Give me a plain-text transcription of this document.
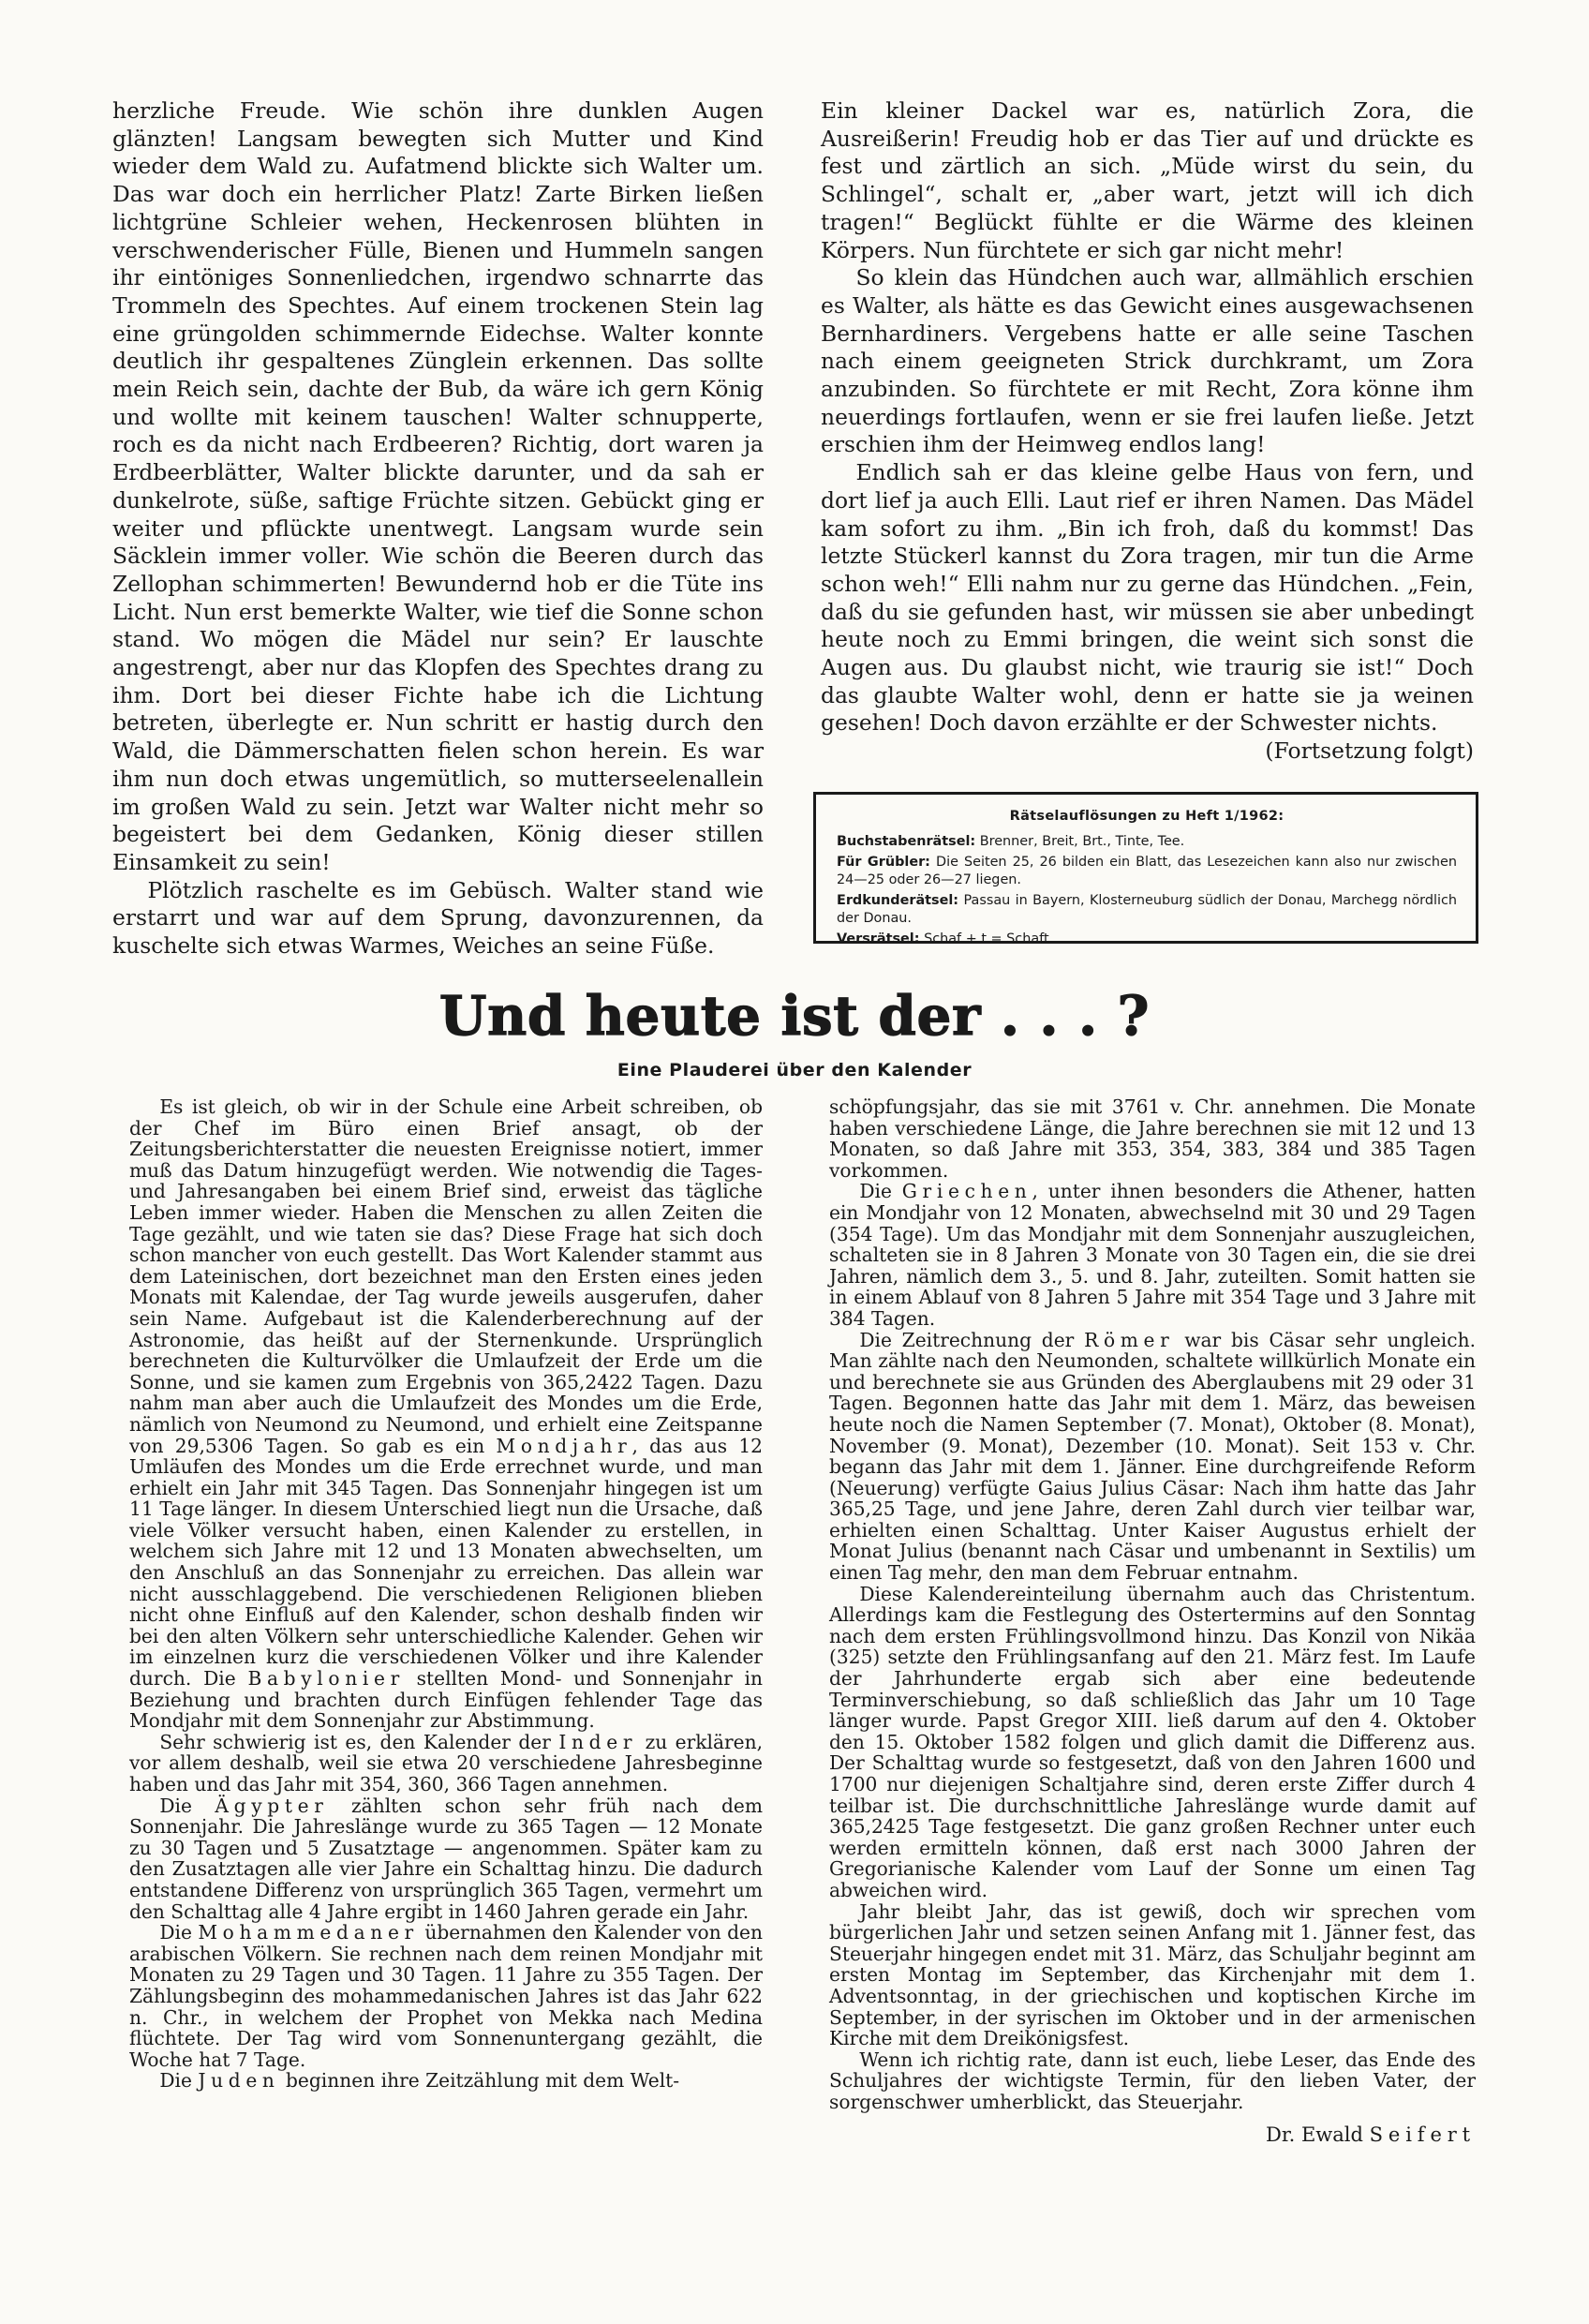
herzliche Freude. Wie schön ihre dunklen Augen glänzten! Langsam bewegten sich Mutter und Kind wieder dem Wald zu. Aufatmend blickte sich Walter um. Das war doch ein herrlicher Platz! Zarte Birken ließen lichtgrüne Schleier wehen, Heckenrosen blühten in verschwenderischer Fülle, Bienen und Hummeln sangen ihr eintöniges Sonnenliedchen, irgendwo schnarrte das Trommeln des Spechtes. Auf einem trockenen Stein lag eine grüngolden schimmernde Eidechse. Walter konnte deutlich ihr gespaltenes Zünglein erkennen. Das sollte mein Reich sein, dachte der Bub, da wäre ich gern König und wollte mit keinem tauschen! Walter schnupperte, roch es da nicht nach Erdbeeren? Richtig, dort waren ja Erdbeerblätter, Walter blickte darunter, und da sah er dunkelrote, süße, saftige Früchte sitzen. Gebückt ging er weiter und pflückte unentwegt. Langsam wurde sein Säcklein immer voller. Wie schön die Beeren durch das Zellophan schimmerten! Bewundernd hob er die Tüte ins Licht. Nun erst bemerkte Walter, wie tief die Sonne schon stand. Wo mögen die Mädel nur sein? Er lauschte angestrengt, aber nur das Klopfen des Spechtes drang zu ihm. Dort bei dieser Fichte habe ich die Lichtung betreten, überlegte er. Nun schritt er hastig durch den Wald, die Dämmerschatten fielen schon herein. Es war ihm nun doch etwas ungemütlich, so mutterseelenallein im großen Wald zu sein. Jetzt war Walter nicht mehr so begeistert bei dem Gedanken, König dieser stillen Einsamkeit zu sein!

Plötzlich raschelte es im Gebüsch. Walter stand wie erstarrt und war auf dem Sprung, davonzurennen, da kuschelte sich etwas Warmes, Weiches an seine Füße.

Ein kleiner Dackel war es, natürlich Zora, die Ausreißerin! Freudig hob er das Tier auf und drückte es fest und zärtlich an sich. „Müde wirst du sein, du Schlingel“, schalt er, „aber wart, jetzt will ich dich tragen!“ Beglückt fühlte er die Wärme des kleinen Körpers. Nun fürchtete er sich gar nicht mehr!

So klein das Hündchen auch war, allmählich erschien es Walter, als hätte es das Gewicht eines ausgewachsenen Bernhardiners. Vergebens hatte er alle seine Taschen nach einem geeigneten Strick durchkramt, um Zora anzubinden. So fürchtete er mit Recht, Zora könne ihm neuerdings fortlaufen, wenn er sie frei laufen ließe. Jetzt erschien ihm der Heimweg endlos lang!

Endlich sah er das kleine gelbe Haus von fern, und dort lief ja auch Elli. Laut rief er ihren Namen. Das Mädel kam sofort zu ihm. „Bin ich froh, daß du kommst! Das letzte Stückerl kannst du Zora tragen, mir tun die Arme schon weh!“ Elli nahm nur zu gerne das Hündchen. „Fein, daß du sie gefunden hast, wir müssen sie aber unbedingt heute noch zu Emmi bringen, die weint sich sonst die Augen aus. Du glaubst nicht, wie traurig sie ist!“ Doch das glaubte Walter wohl, denn er hatte sie ja weinen gesehen! Doch davon erzählte er der Schwester nichts.

(Fortsetzung folgt)
Rätselauflösungen zu Heft 1/1962:
Buchstabenrätsel: Brenner, Breit, Brt., Tinte, Tee.
Für Grübler: Die Seiten 25, 26 bilden ein Blatt, das Lesezeichen kann also nur zwischen 24—25 oder 26—27 liegen.
Erdkunderätsel: Passau in Bayern, Klosterneuburg südlich der Donau, Marchegg nördlich der Donau.
Versrätsel: Schaf + t = Schaft.
Und heute ist der . . . ?
Eine Plauderei über den Kalender

Es ist gleich, ob wir in der Schule eine Arbeit schreiben, ob der Chef im Büro einen Brief ansagt, ob der Zeitungsberichterstatter die neuesten Ereignisse notiert, immer muß das Datum hinzugefügt werden. Wie notwendig die Tages- und Jahresangaben bei einem Brief sind, erweist das tägliche Leben immer wieder. Haben die Menschen zu allen Zeiten die Tage gezählt, und wie taten sie das? Diese Frage hat sich doch schon mancher von euch gestellt. Das Wort Kalender stammt aus dem Lateinischen, dort bezeichnet man den Ersten eines jeden Monats mit Kalendae, der Tag wurde jeweils ausgerufen, daher sein Name. Aufgebaut ist die Kalenderberechnung auf der Astronomie, das heißt auf der Sternenkunde. Ursprünglich berechneten die Kulturvölker die Umlaufzeit der Erde um die Sonne, und sie kamen zum Ergebnis von 365,2422 Tagen. Dazu nahm man aber auch die Umlaufzeit des Mondes um die Erde, nämlich von Neumond zu Neumond, und erhielt eine Zeitspanne von 29,5306 Tagen. So gab es ein Mondjahr, das aus 12 Umläufen des Mondes um die Erde errechnet wurde, und man erhielt ein Jahr mit 345 Tagen. Das Sonnenjahr hingegen ist um 11 Tage länger. In diesem Unterschied liegt nun die Ursache, daß viele Völker versucht haben, einen Kalender zu erstellen, in welchem sich Jahre mit 12 und 13 Monaten abwechselten, um den Anschluß an das Sonnenjahr zu erreichen. Das allein war nicht ausschlaggebend. Die verschiedenen Religionen blieben nicht ohne Einfluß auf den Kalender, schon deshalb finden wir bei den alten Völkern sehr unterschiedliche Kalender. Gehen wir im einzelnen kurz die verschiedenen Völker und ihre Kalender durch. Die Babylonier stellten Mond- und Sonnenjahr in Beziehung und brachten durch Einfügen fehlender Tage das Mondjahr mit dem Sonnenjahr zur Abstimmung.

Sehr schwierig ist es, den Kalender der Inder zu erklären, vor allem deshalb, weil sie etwa 20 verschiedene Jahresbeginne haben und das Jahr mit 354, 360, 366 Tagen annehmen.

Die Ägypter zählten schon sehr früh nach dem Sonnenjahr. Die Jahreslänge wurde zu 365 Tagen — 12 Monate zu 30 Tagen und 5 Zusatztage — angenommen. Später kam zu den Zusatztagen alle vier Jahre ein Schalttag hinzu. Die dadurch entstandene Differenz von ursprünglich 365 Tagen, vermehrt um den Schalttag alle 4 Jahre ergibt in 1460 Jahren gerade ein Jahr.

Die Mohammedaner übernahmen den Kalender von den arabischen Völkern. Sie rechnen nach dem reinen Mondjahr mit Monaten zu 29 Tagen und 30 Tagen. 11 Jahre zu 355 Tagen. Der Zählungsbeginn des mohammedanischen Jahres ist das Jahr 622 n. Chr., in welchem der Prophet von Mekka nach Medina flüchtete. Der Tag wird vom Sonnenuntergang gezählt, die Woche hat 7 Tage.

Die Juden beginnen ihre Zeitzählung mit dem Welt-

schöpfungsjahr, das sie mit 3761 v. Chr. annehmen. Die Monate haben verschiedene Länge, die Jahre berechnen sie mit 12 und 13 Monaten, so daß Jahre mit 353, 354, 383, 384 und 385 Tagen vorkommen.

Die Griechen, unter ihnen besonders die Athener, hatten ein Mondjahr von 12 Monaten, abwechselnd mit 30 und 29 Tagen (354 Tage). Um das Mondjahr mit dem Sonnenjahr auszugleichen, schalteten sie in 8 Jahren 3 Monate von 30 Tagen ein, die sie drei Jahren, nämlich dem 3., 5. und 8. Jahr, zuteilten. Somit hatten sie in einem Ablauf von 8 Jahren 5 Jahre mit 354 Tage und 3 Jahre mit 384 Tagen.

Die Zeitrechnung der Römer war bis Cäsar sehr ungleich. Man zählte nach den Neumonden, schaltete willkürlich Monate ein und berechnete sie aus Gründen des Aberglaubens mit 29 oder 31 Tagen. Begonnen hatte das Jahr mit dem 1. März, das beweisen heute noch die Namen September (7. Monat), Oktober (8. Monat), November (9. Monat), Dezember (10. Monat). Seit 153 v. Chr. begann das Jahr mit dem 1. Jänner. Eine durchgreifende Reform (Neuerung) verfügte Gaius Julius Cäsar: Nach ihm hatte das Jahr 365,25 Tage, und jene Jahre, deren Zahl durch vier teilbar war, erhielten einen Schalttag. Unter Kaiser Augustus erhielt der Monat Julius (benannt nach Cäsar und umbenannt in Sextilis) um einen Tag mehr, den man dem Februar entnahm.

Diese Kalendereinteilung übernahm auch das Christentum. Allerdings kam die Festlegung des Ostertermins auf den Sonntag nach dem ersten Frühlingsvollmond hinzu. Das Konzil von Nikäa (325) setzte den Frühlingsanfang auf den 21. März fest. Im Laufe der Jahrhunderte ergab sich aber eine bedeutende Terminverschiebung, so daß schließlich das Jahr um 10 Tage länger wurde. Papst Gregor XIII. ließ darum auf den 4. Oktober den 15. Oktober 1582 folgen und glich damit die Differenz aus. Der Schalttag wurde so festgesetzt, daß von den Jahren 1600 und 1700 nur diejenigen Schaltjahre sind, deren erste Ziffer durch 4 teilbar ist. Die durchschnittliche Jahreslänge wurde damit auf 365,2425 Tage festgesetzt. Die ganz großen Rechner unter euch werden ermitteln können, daß erst nach 3000 Jahren der Gregorianische Kalender vom Lauf der Sonne um einen Tag abweichen wird.

Jahr bleibt Jahr, das ist gewiß, doch wir sprechen vom bürgerlichen Jahr und setzen seinen Anfang mit 1. Jänner fest, das Steuerjahr hingegen endet mit 31. März, das Schuljahr beginnt am ersten Montag im September, das Kirchenjahr mit dem 1. Adventsonntag, in der griechischen und koptischen Kirche im September, in der syrischen im Oktober und in der armenischen Kirche mit dem Dreikönigsfest.

Wenn ich richtig rate, dann ist euch, liebe Leser, das Ende des Schuljahres der wichtigste Termin, für den lieben Vater, der sorgenschwer umherblickt, das Steuerjahr.

Dr. Ewald Seifert
